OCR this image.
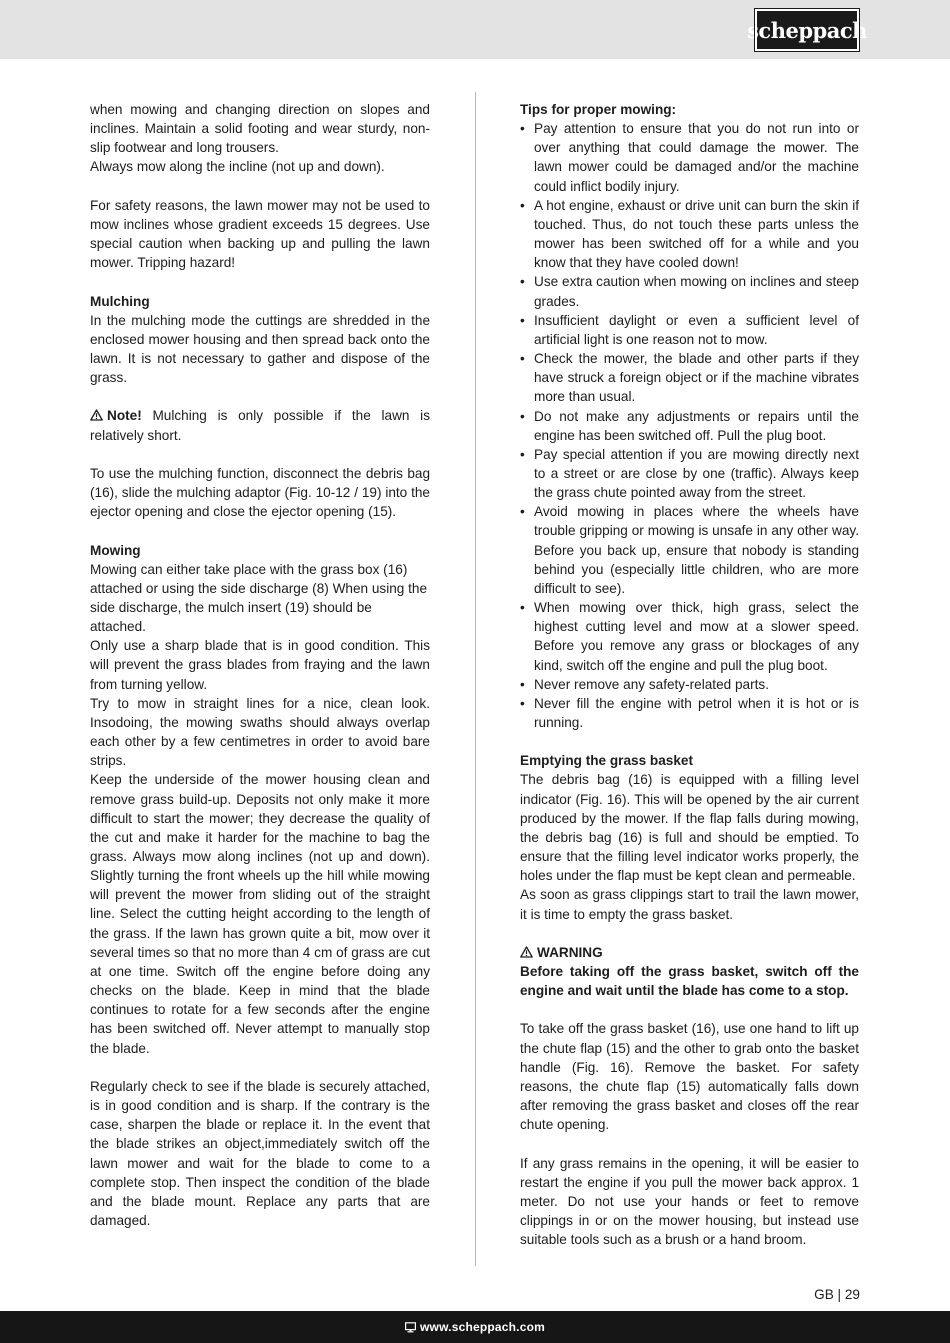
scheppach

when mowing and changing direction on slopes and inclines. Maintain a solid footing and wear sturdy, non-slip footwear and long trousers.

Always mow along the incline (not up and down).

For safety reasons, the lawn mower may not be used to mow inclines whose gradient exceeds 15 degrees. Use special caution when backing up and pulling the lawn mower. Tripping hazard!

Mulching

In the mulching mode the cuttings are shredded in the enclosed mower housing and then spread back onto the lawn. It is not necessary to gather and dispose of the grass.

Note! Mulching is only possible if the lawn is relatively short.

To use the mulching function, disconnect the debris bag (16), slide the mulching adaptor (Fig. 10-12 / 19) into the ejector opening and close the ejector opening (15).

Mowing

Mowing can either take place with the grass box (16) attached or using the side discharge (8) When using the side discharge, the mulch insert (19) should be attached.

Only use a sharp blade that is in good condition. This will prevent the grass blades from fraying and the lawn from turning yellow.

Try to mow in straight lines for a nice, clean look. Insodoing, the mowing swaths should always overlap each other by a few centimetres in order to avoid bare strips.

Keep the underside of the mower housing clean and remove grass build-up. Deposits not only make it more difficult to start the mower; they decrease the quality of the cut and make it harder for the machine to bag the grass. Always mow along inclines (not up and down). Slightly turning the front wheels up the hill while mowing will prevent the mower from sliding out of the straight line. Select the cutting height according to the length of the grass. If the lawn has grown quite a bit, mow over it several times so that no more than 4 cm of grass are cut at one time. Switch off the engine before doing any checks on the blade. Keep in mind that the blade continues to rotate for a few seconds after the engine has been switched off. Never attempt to manually stop the blade.

Regularly check to see if the blade is securely attached, is in good condition and is sharp. If the contrary is the case, sharpen the blade or replace it. In the event that the blade strikes an object,immediately switch off the lawn mower and wait for the blade to come to a complete stop. Then inspect the condition of the blade and the blade mount. Replace any parts that are damaged.

Tips for proper mowing:

• Pay attention to ensure that you do not run into or over anything that could damage the mower. The lawn mower could be damaged and/or the machine could inflict bodily injury.
• A hot engine, exhaust or drive unit can burn the skin if touched. Thus, do not touch these parts unless the mower has been switched off for a while and you know that they have cooled down!
• Use extra caution when mowing on inclines and steep grades.
• Insufficient daylight or even a sufficient level of artificial light is one reason not to mow.
• Check the mower, the blade and other parts if they have struck a foreign object or if the machine vibrates more than usual.
• Do not make any adjustments or repairs until the engine has been switched off. Pull the plug boot.
• Pay special attention if you are mowing directly next to a street or are close by one (traffic). Always keep the grass chute pointed away from the street.
• Avoid mowing in places where the wheels have trouble gripping or mowing is unsafe in any other way. Before you back up, ensure that nobody is standing behind you (especially little children, who are more difficult to see).
• When mowing over thick, high grass, select the highest cutting level and mow at a slower speed. Before you remove any grass or blockages of any kind, switch off the engine and pull the plug boot.
• Never remove any safety-related parts.
• Never fill the engine with petrol when it is hot or is running.

Emptying the grass basket

The debris bag (16) is equipped with a filling level indicator (Fig. 16). This will be opened by the air current produced by the mower. If the flap falls during mowing, the debris bag (16) is full and should be emptied. To ensure that the filling level indicator works properly, the holes under the flap must be kept clean and permeable.

As soon as grass clippings start to trail the lawn mower, it is time to empty the grass basket.

WARNING

Before taking off the grass basket, switch off the engine and wait until the blade has come to a stop.

To take off the grass basket (16), use one hand to lift up the chute flap (15) and the other to grab onto the basket handle (Fig. 16). Remove the basket. For safety reasons, the chute flap (15) automatically falls down after removing the grass basket and closes off the rear chute opening.

If any grass remains in the opening, it will be easier to restart the engine if you pull the mower back approx. 1 meter. Do not use your hands or feet to remove clippings in or on the mower housing, but instead use suitable tools such as a brush or a hand broom.

GB | 29
www.scheppach.com
